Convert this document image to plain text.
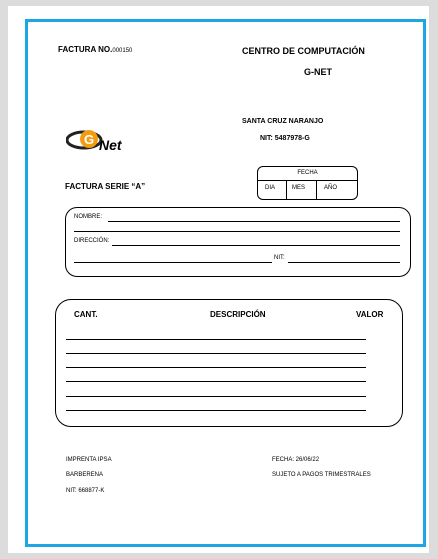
FACTURA NO.000150	CENTRO DE COMPUTACIÓN
G-NET
SANTA CRUZ NARANJO
NIT: 5487978-G
G Net
FACTURA SERIE “A”
FECHA
DIA	MES	AÑO
NOMBRE:
DIRECCIÓN:
NIT:
CANT.	DESCRIPCIÓN	VALOR
IMPRENTA IPSA
BARBERENA
NIT: 668877-K
FECHA: 26/06/22
SUJETO A PAGOS TRIMESTRALES
